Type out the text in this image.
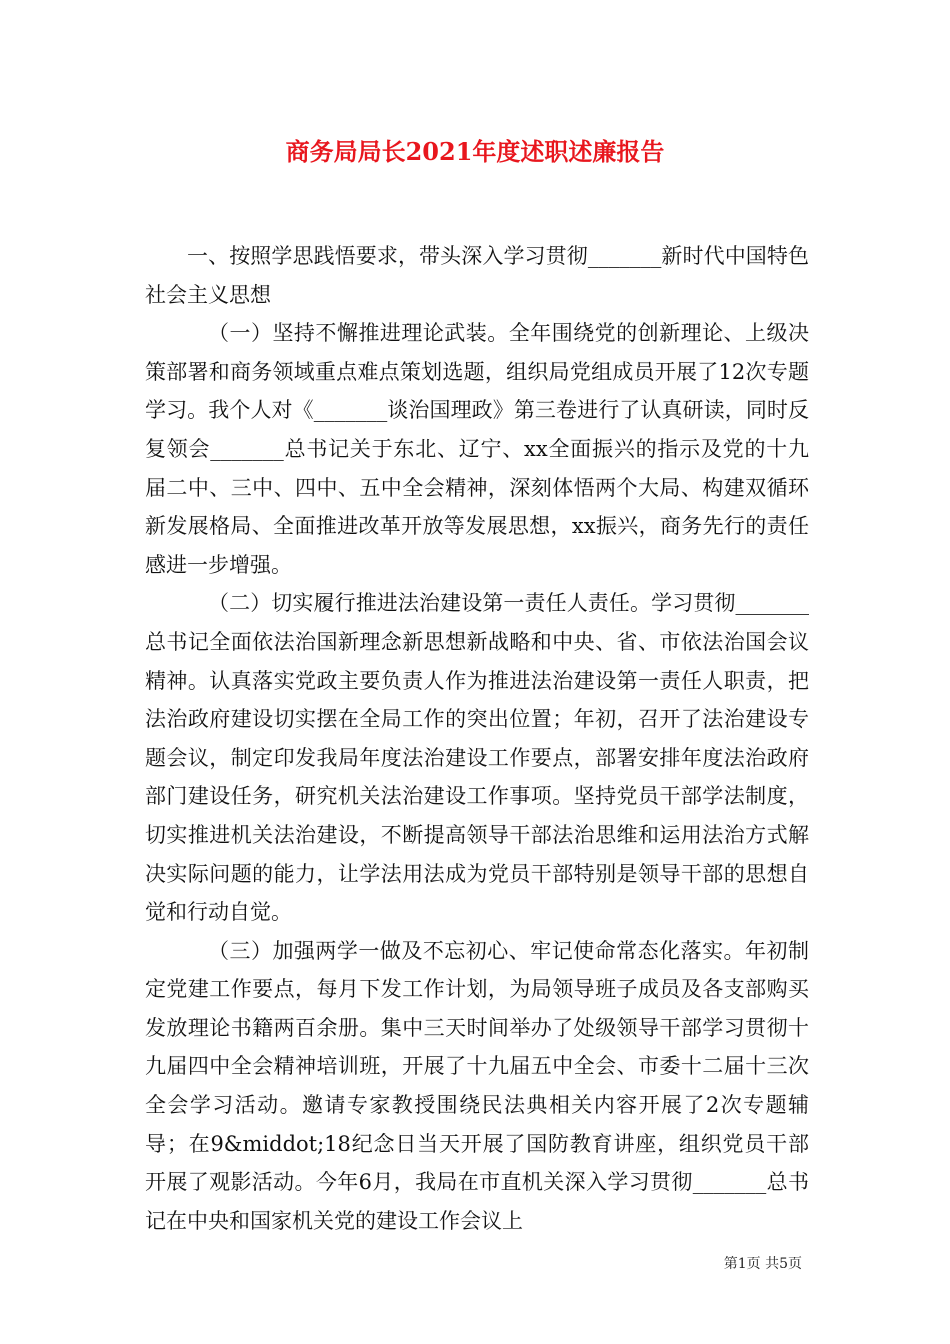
商务局局长2021年度述职述廉报告

一、按照学思践悟要求，带头深入学习贯彻_______新时代中国特色社会主义思想

（一）坚持不懈推进理论武装。全年围绕党的创新理论、上级决策部署和商务领域重点难点策划选题，组织局党组成员开展了12次专题学习。我个人对《_______谈治国理政》第三卷进行了认真研读，同时反复领会_______总书记关于东北、辽宁、xx全面振兴的指示及党的十九届二中、三中、四中、五中全会精神，深刻体悟两个大局、构建双循环新发展格局、全面推进改革开放等发展思想，xx振兴，商务先行的责任感进一步增强。

（二）切实履行推进法治建设第一责任人责任。学习贯彻_______总书记全面依法治国新理念新思想新战略和中央、省、市依法治国会议精神。认真落实党政主要负责人作为推进法治建设第一责任人职责，把法治政府建设切实摆在全局工作的突出位置；年初，召开了法治建设专题会议，制定印发我局年度法治建设工作要点，部署安排年度法治政府部门建设任务，研究机关法治建设工作事项。坚持党员干部学法制度，切实推进机关法治建设，不断提高领导干部法治思维和运用法治方式解决实际问题的能力，让学法用法成为党员干部特别是领导干部的思想自觉和行动自觉。

（三）加强两学一做及不忘初心、牢记使命常态化落实。年初制定党建工作要点，每月下发工作计划，为局领导班子成员及各支部购买发放理论书籍两百余册。集中三天时间举办了处级领导干部学习贯彻十九届四中全会精神培训班，开展了十九届五中全会、市委十二届十三次全会学习活动。邀请专家教授围绕民法典相关内容开展了2次专题辅导；在9&middot;18纪念日当天开展了国防教育讲座，组织党员干部开展了观影活动。今年6月，我局在市直机关深入学习贯彻_______总书记在中央和国家机关党的建设工作会议上

第1页 共5页
